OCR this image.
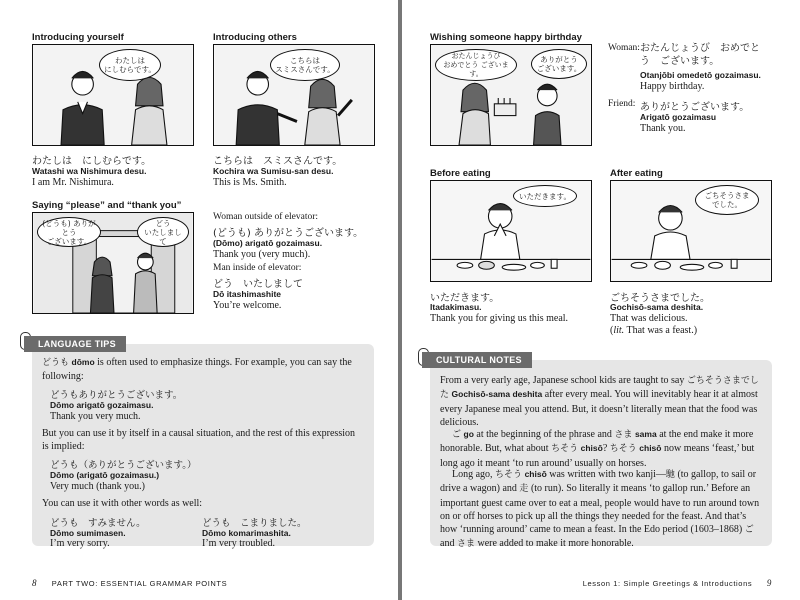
Introducing yourself
わたしは
にしむらです。
わたしは　にしむらです。
Watashi wa Nishimura desu.
I am Mr. Nishimura.
Introducing others
こちらは
スミスさんです。
こちらは　スミスさんです。
Kochira wa Sumisu-san desu.
This is Ms. Smith.
Saying “please” and “thank you”
(どうも) ありがとう
ございます。
どう
いたしまして
Woman outside of elevator:
(どうも) ありがとうございます。
(Dōmo) arigatō gozaimasu.
Thank you (very much).
Man inside of elevator:
どう　いたしまして
Dō itashimashite
You’re welcome.
どうも dōmo is often used to emphasize things. For example, you can say the following:
どうもありがとうございます。
Dōmo arigatō gozaimasu.
Thank you very much.
But you can use it by itself in a causal situation, and the rest of this expression is implied:
どうも（ありがとうございます。）
Dōmo (arigatō gozaimasu.)
Very much (thank you.)
You can use it with other words as well:
どうも　すみません。
Dōmo sumimasen.
I’m very sorry.
どうも　こまりました。
Dōmo komarimashita.
I’m very troubled.
LANGUAGE TIPS
8 PART TWO: ESSENTIAL GRAMMAR POINTS
Wishing someone happy birthday
おたんじょうび
おめでとう ございます。
ありがとう
ございます。
Woman: おたんじょうび　おめでと
う　ございます。
Otanjōbi omedetō gozaimasu.
Happy birthday.
Friend: ありがとうございます。
Arigatō gozaimasu
Thank you.
Before eating
いただきます。
いただきます。
Itadakimasu.
Thank you for giving us this meal.
After eating
ごちそうさま
でした。
ごちそうさまでした。
Gochisō-sama deshita.
That was delicious.
(lit. That was a feast.)
From a very early age, Japanese school kids are taught to say ごちそうさまでした Gochisō-sama deshita after every meal. You will inevitably hear it at almost every Japanese meal you attend. But, it doesn’t literally mean that the food was delicious.
ご go at the beginning of the phrase and さま sama at the end make it more honorable. But, what about ちそう chisō? ちそう chisō now means ‘feast,’ but long ago it meant ‘to run around’ usually on horses.
Long ago, ちそう chisō was written with two kanji—馳 (to gallop, to sail or drive a wagon) and 走 (to run). So literally it means ‘to gallop run.’ Before an important guest came over to eat a meal, people would have to run around town on or off horses to pick up all the things they needed for the feast. And that’s how ‘running around’ came to mean a feast. In the Edo period (1603–1868) ご and さま were added to make it more honorable.
CULTURAL NOTES
Lesson 1: Simple Greetings & Introductions 9
